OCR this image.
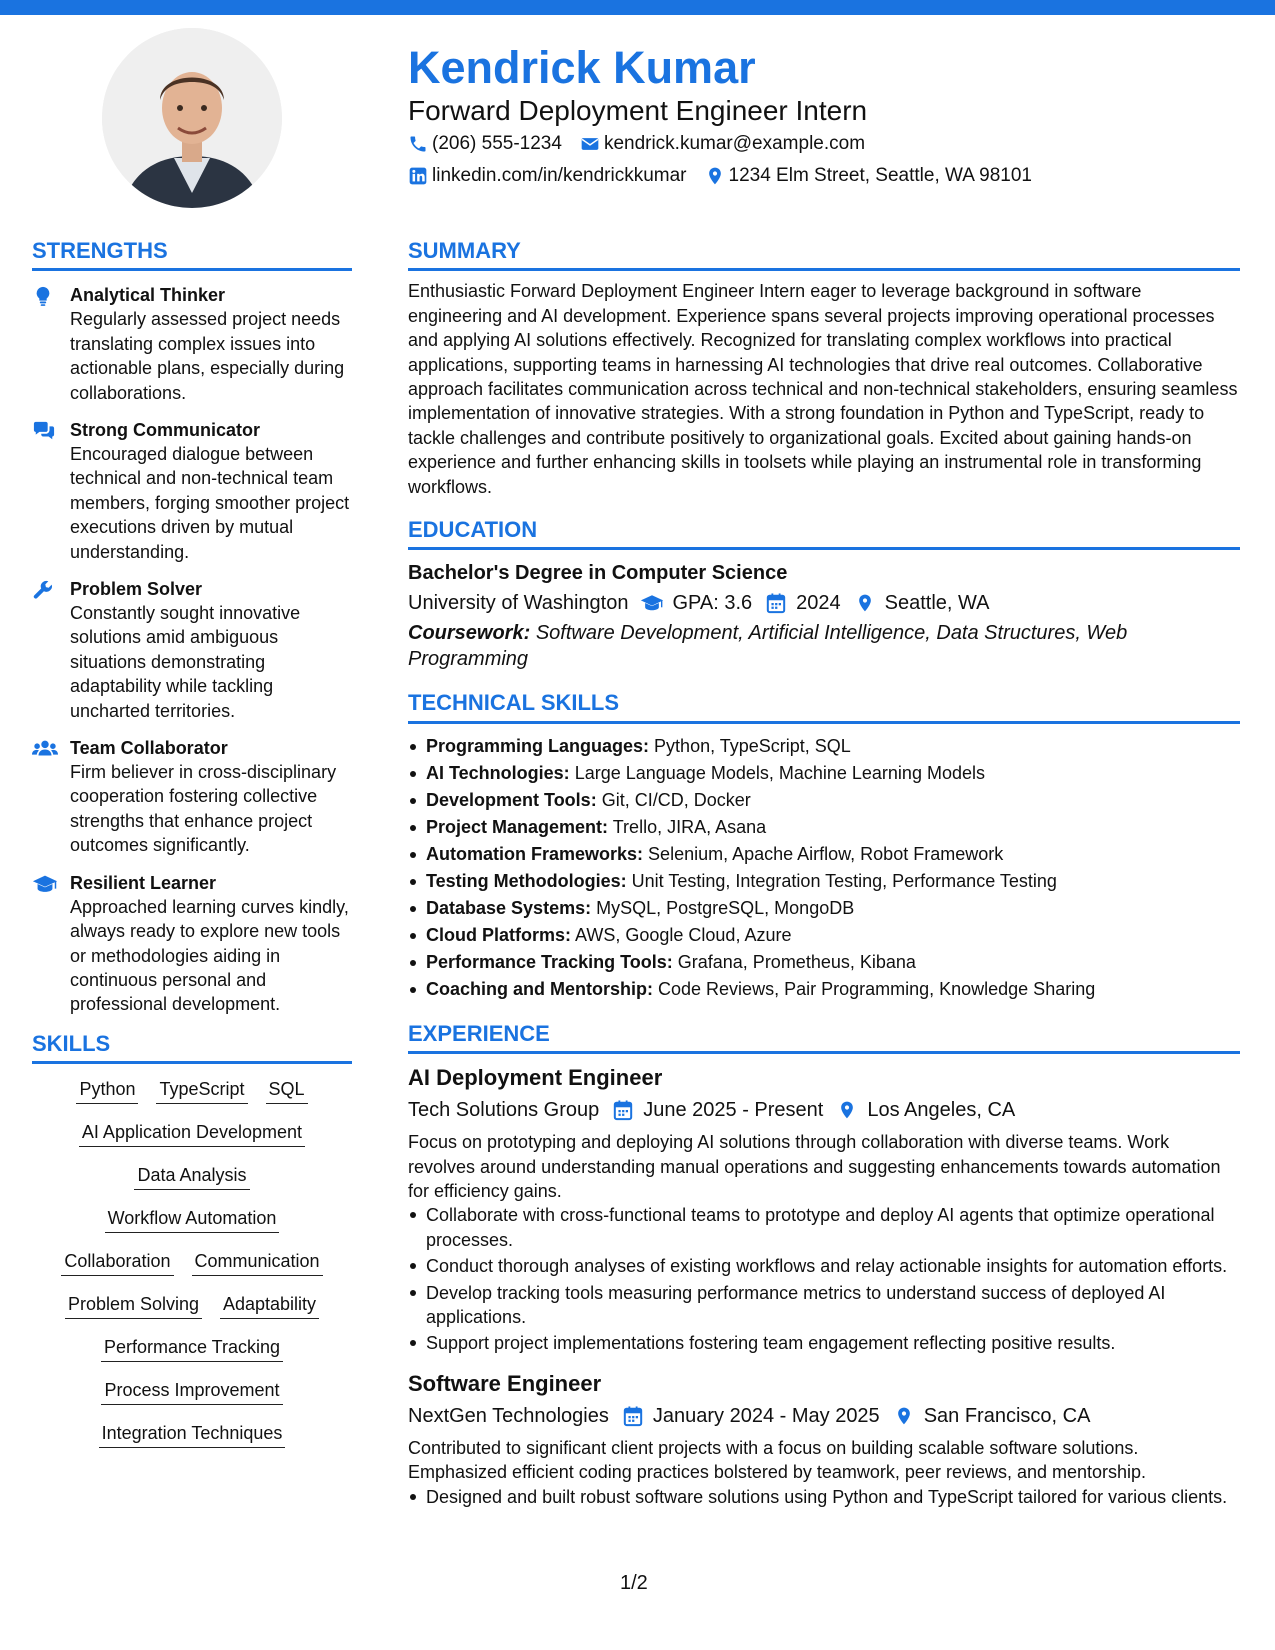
Kendrick Kumar
Forward Deployment Engineer Intern
(206) 555-1234 kendrick.kumar@example.com
linkedin.com/in/kendrickkumar 1234 Elm Street, Seattle, WA 98101
STRENGTHS
Analytical Thinker
Regularly assessed project needs translating complex issues into actionable plans, especially during collaborations.
Strong Communicator
Encouraged dialogue between technical and non-technical team members, forging smoother project executions driven by mutual understanding.
Problem Solver
Constantly sought innovative solutions amid ambiguous situations demonstrating adaptability while tackling uncharted territories.
Team Collaborator
Firm believer in cross-disciplinary cooperation fostering collective strengths that enhance project outcomes significantly.
Resilient Learner
Approached learning curves kindly, always ready to explore new tools or methodologies aiding in continuous personal and professional development.
SKILLS
Python TypeScript SQL
AI Application Development
Data Analysis
Workflow Automation
Collaboration Communication
Problem Solving Adaptability
Performance Tracking
Process Improvement
Integration Techniques
SUMMARY
Enthusiastic Forward Deployment Engineer Intern eager to leverage background in software engineering and AI development. Experience spans several projects improving operational processes and applying AI solutions effectively. Recognized for translating complex workflows into practical applications, supporting teams in harnessing AI technologies that drive real outcomes. Collaborative approach facilitates communication across technical and non-technical stakeholders, ensuring seamless implementation of innovative strategies. With a strong foundation in Python and TypeScript, ready to tackle challenges and contribute positively to organizational goals. Excited about gaining hands-on experience and further enhancing skills in toolsets while playing an instrumental role in transforming workflows.
EDUCATION
Bachelor's Degree in Computer Science
University of Washington GPA: 3.6 2024 Seattle, WA
Coursework: Software Development, Artificial Intelligence, Data Structures, Web Programming
TECHNICAL SKILLS
Programming Languages: Python, TypeScript, SQL
AI Technologies: Large Language Models, Machine Learning Models
Development Tools: Git, CI/CD, Docker
Project Management: Trello, JIRA, Asana
Automation Frameworks: Selenium, Apache Airflow, Robot Framework
Testing Methodologies: Unit Testing, Integration Testing, Performance Testing
Database Systems: MySQL, PostgreSQL, MongoDB
Cloud Platforms: AWS, Google Cloud, Azure
Performance Tracking Tools: Grafana, Prometheus, Kibana
Coaching and Mentorship: Code Reviews, Pair Programming, Knowledge Sharing
EXPERIENCE
AI Deployment Engineer
Tech Solutions Group June 2025 - Present Los Angeles, CA
Focus on prototyping and deploying AI solutions through collaboration with diverse teams. Work revolves around understanding manual operations and suggesting enhancements towards automation for efficiency gains.
Collaborate with cross-functional teams to prototype and deploy AI agents that optimize operational processes.
Conduct thorough analyses of existing workflows and relay actionable insights for automation efforts.
Develop tracking tools measuring performance metrics to understand success of deployed AI applications.
Support project implementations fostering team engagement reflecting positive results.
Software Engineer
NextGen Technologies January 2024 - May 2025 San Francisco, CA
Contributed to significant client projects with a focus on building scalable software solutions. Emphasized efficient coding practices bolstered by teamwork, peer reviews, and mentorship.
Designed and built robust software solutions using Python and TypeScript tailored for various clients.
1/2
